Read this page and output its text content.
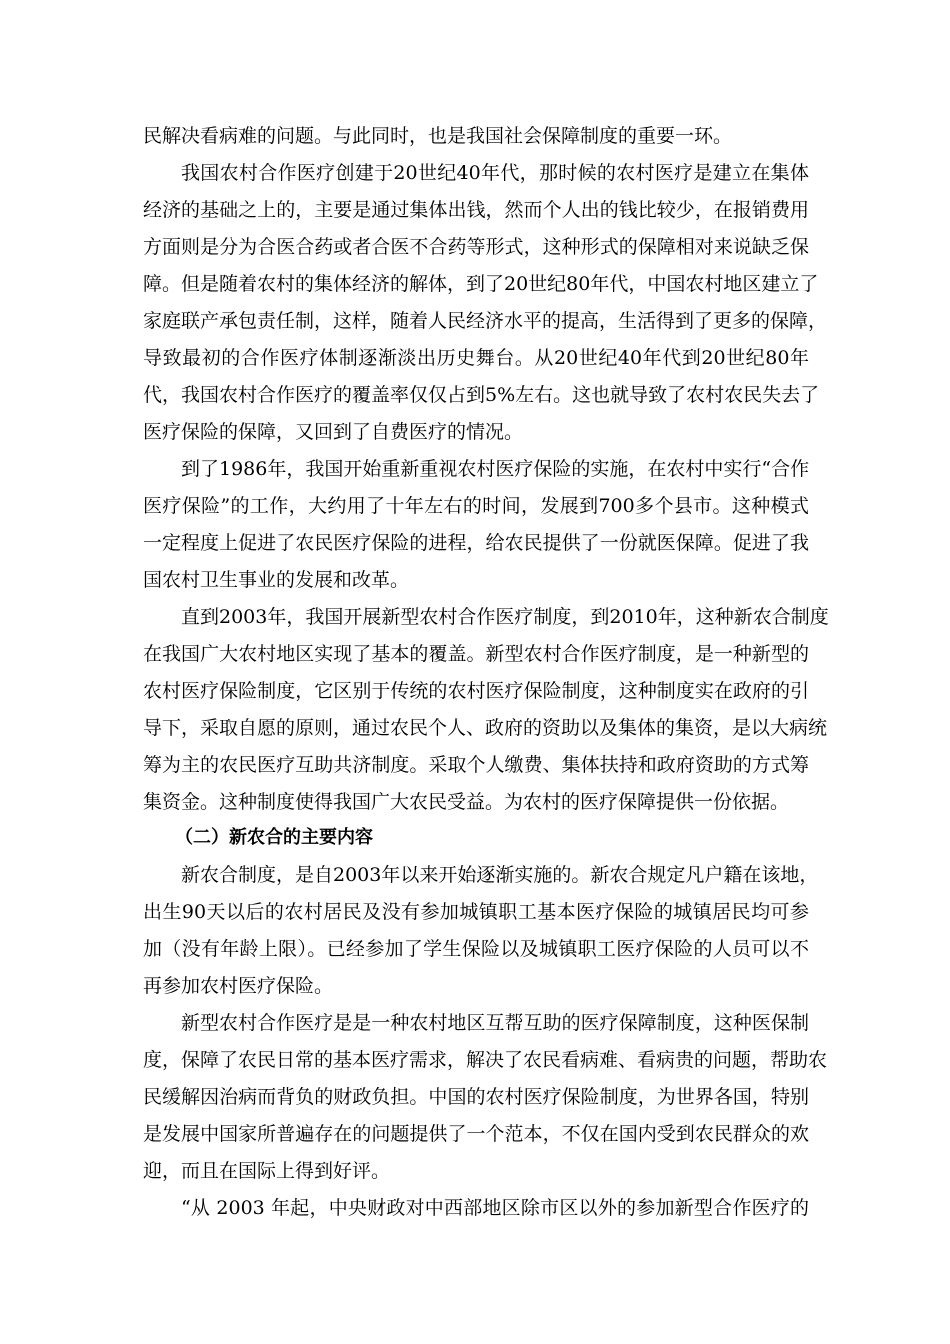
民解决看病难的问题。与此同时，也是我国社会保障制度的重要一环。
我国农村合作医疗创建于20世纪40年代，那时候的农村医疗是建立在集体
经济的基础之上的，主要是通过集体出钱，然而个人出的钱比较少，在报销费用
方面则是分为合医合药或者合医不合药等形式，这种形式的保障相对来说缺乏保
障。但是随着农村的集体经济的解体，到了20世纪80年代，中国农村地区建立了
家庭联产承包责任制，这样，随着人民经济水平的提高，生活得到了更多的保障，
导致最初的合作医疗体制逐渐淡出历史舞台。从20世纪40年代到20世纪80年
代，我国农村合作医疗的覆盖率仅仅占到5%左右。这也就导致了农村农民失去了
医疗保险的保障，又回到了自费医疗的情况。
到了1986年，我国开始重新重视农村医疗保险的实施，在农村中实行“合作
医疗保险”的工作，大约用了十年左右的时间，发展到700多个县市。这种模式
一定程度上促进了农民医疗保险的进程，给农民提供了一份就医保障。促进了我
国农村卫生事业的发展和改革。
直到2003年，我国开展新型农村合作医疗制度，到2010年，这种新农合制度
在我国广大农村地区实现了基本的覆盖。新型农村合作医疗制度，是一种新型的
农村医疗保险制度，它区别于传统的农村医疗保险制度，这种制度实在政府的引
导下，采取自愿的原则，通过农民个人、政府的资助以及集体的集资，是以大病统
筹为主的农民医疗互助共济制度。采取个人缴费、集体扶持和政府资助的方式筹
集资金。这种制度使得我国广大农民受益。为农村的医疗保障提供一份依据。
（二）新农合的主要内容
新农合制度，是自2003年以来开始逐渐实施的。新农合规定凡户籍在该地，
出生90天以后的农村居民及没有参加城镇职工基本医疗保险的城镇居民均可参
加（没有年龄上限）。已经参加了学生保险以及城镇职工医疗保险的人员可以不
再参加农村医疗保险。
新型农村合作医疗是是一种农村地区互帮互助的医疗保障制度，这种医保制
度，保障了农民日常的基本医疗需求，解决了农民看病难、看病贵的问题，帮助农
民缓解因治病而背负的财政负担。中国的农村医疗保险制度，为世界各国，特别
是发展中国家所普遍存在的问题提供了一个范本，不仅在国内受到农民群众的欢
迎，而且在国际上得到好评。
“从 2003 年起，中央财政对中西部地区除市区以外的参加新型合作医疗的
